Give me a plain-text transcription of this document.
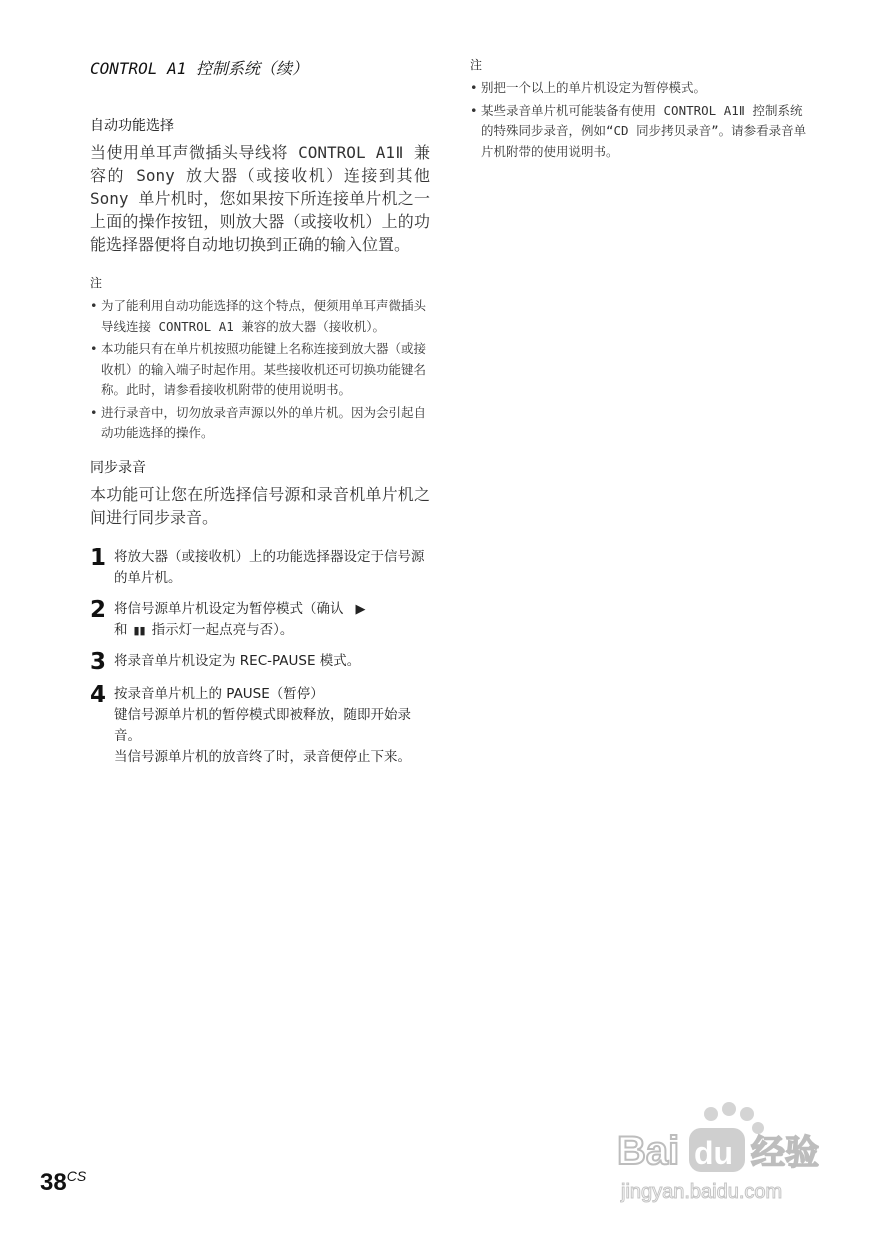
CONTROL A1 控制系统（续）
自动功能选择

当使用单耳声微插头导线将 CONTROL A1Ⅱ 兼容的 Sony 放大器（或接收机）连接到其他 Sony 单片机时，您如果按下所连接单片机之一上面的操作按钮，则放大器（或接收机）上的功能选择器便将自动地切换到正确的输入位置。

注
• 为了能利用自动功能选择的这个特点，便须用单耳声微插头导线连接 CONTROL A1 兼容的放大器（接收机）。
• 本功能只有在单片机按照功能键上名称连接到放大器（或接收机）的输入端子时起作用。某些接收机还可切换功能键名称。此时，请参看接收机附带的使用说明书。
• 进行录音中，切勿放录音声源以外的单片机。因为会引起自动功能选择的操作。
同步录音

本功能可让您在所选择信号源和录音机单片机之间进行同步录音。

1 将放大器（或接收机）上的功能选择器设定于信号源的单片机。
2 将信号源单片机设定为暂停模式（确认 ▶
和 ▮▮ 指示灯一起点亮与否）。
3 将录音单片机设定为 REC-PAUSE 模式。
4 按录音单片机上的 PAUSE（暂停）
键信号源单片机的暂停模式即被释放，随即开始录音。
当信号源单片机的放音终了时，录音便停止下来。
注
• 别把一个以上的单片机设定为暂停模式。
• 某些录音单片机可能装备有使用 CONTROL A1Ⅱ 控制系统的特殊同步录音，例如“CD 同步拷贝录音”。请参看录音单片机附带的使用说明书。
$38^{CS}$
Bai du 经验
jingyan.baidu.com
